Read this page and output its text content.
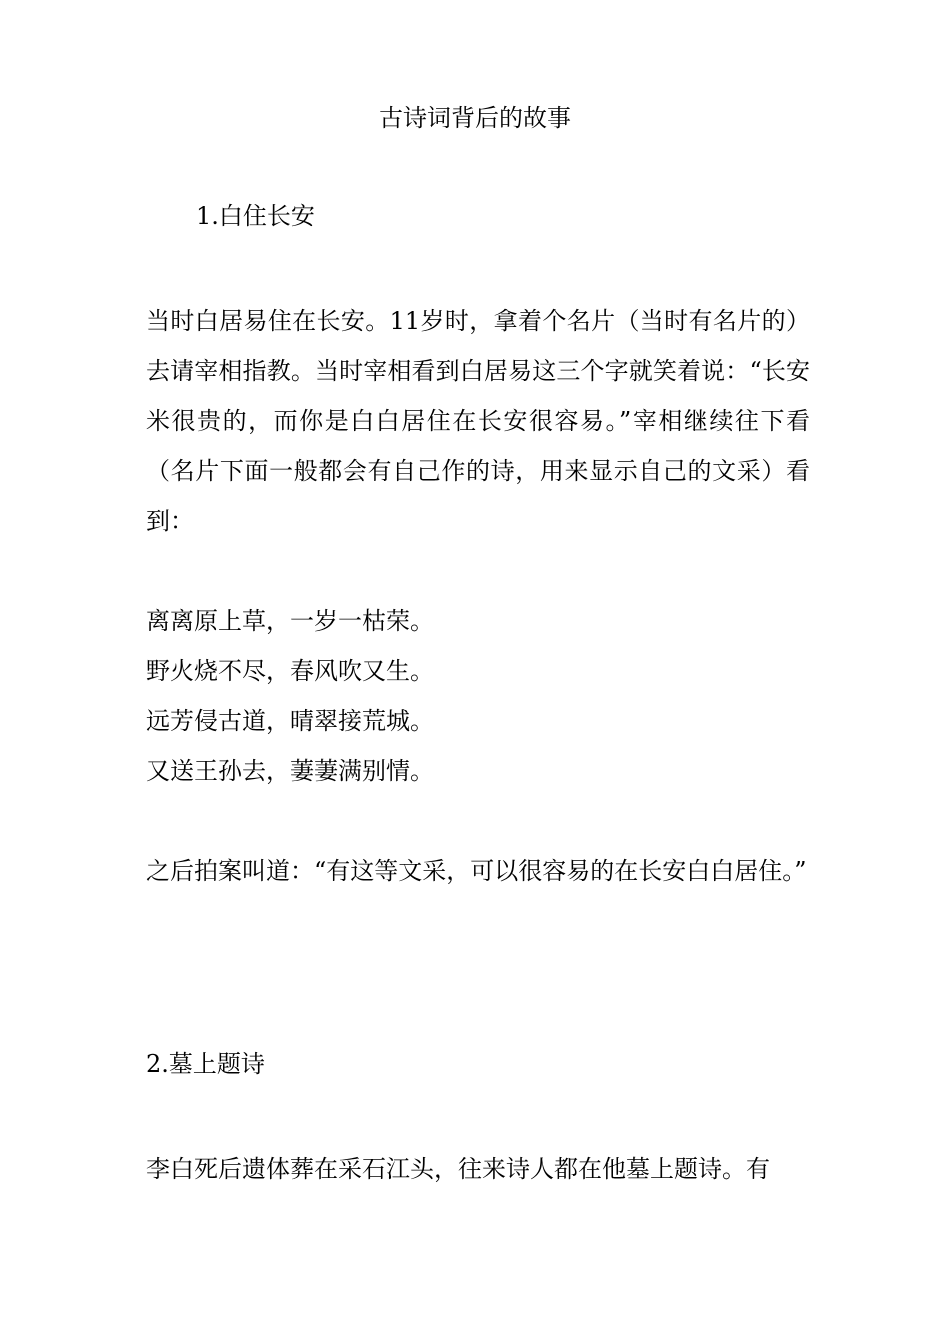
古诗词背后的故事
1.白住长安

当时白居易住在长安。11岁时，拿着个名片（当时有名片的）去请宰相指教。当时宰相看到白居易这三个字就笑着说：“长安米很贵的，而你是白白居住在长安很容易。”宰相继续往下看（名片下面一般都会有自己作的诗，用来显示自己的文采）看到：

离离原上草，一岁一枯荣。
野火烧不尽，春风吹又生。
远芳侵古道，晴翠接荒城。
又送王孙去，萋萋满别情。

之后拍案叫道：“有这等文采，可以很容易的在长安白白居住。”

2.墓上题诗

李白死后遗体葬在采石江头，往来诗人都在他墓上题诗。有
